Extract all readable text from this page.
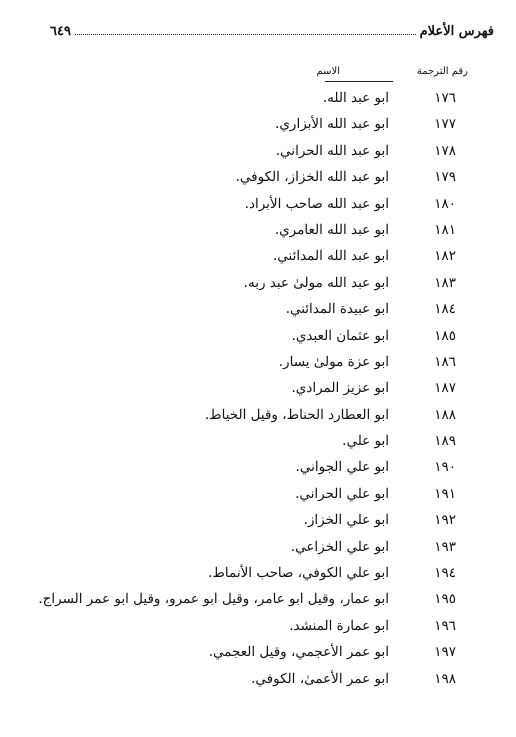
فهرس الأعلام
٦٤٩
رقم الترجمة
الاسم
١٧٦
ابو عبد الله.
١٧٧
ابو عبد الله الأبزاري.
١٧٨
ابو عبد الله الحراني.
١٧٩
ابو عبد الله الخزاز، الكوفي.
١٨٠
ابو عبد الله صاحب الأبراد.
١٨١
ابو عبد الله العامري.
١٨٢
ابو عبد الله المدائني.
١٨٣
ابو عبد الله مولىٰ عبد ربه.
١٨٤
ابو عبيدة المدائني.
١٨٥
ابو عثمان العبدي.
١٨٦
ابو عزة مولىٰ يسار.
١٨٧
ابو عزيز المرادي.
١٨٨
ابو العطارد الحناط، وقيل الخياط.
١٨٩
ابو علي.
١٩٠
ابو علي الجواني.
١٩١
ابو علي الحراني.
١٩٢
ابو علي الخزاز.
١٩٣
ابو علي الخزاعي.
١٩٤
ابو علي الكوفي، صاحب الأنماط.
١٩٥
ابو عمار، وقيل ابو عامر، وقيل ابو عمرو، وقيل ابو عمر السراج.
١٩٦
ابو عمارة المنشد.
١٩٧
ابو عمر الأعجمي، وقيل العجمي.
١٩٨
ابو عمر الأعمىٰ، الكوفي.
